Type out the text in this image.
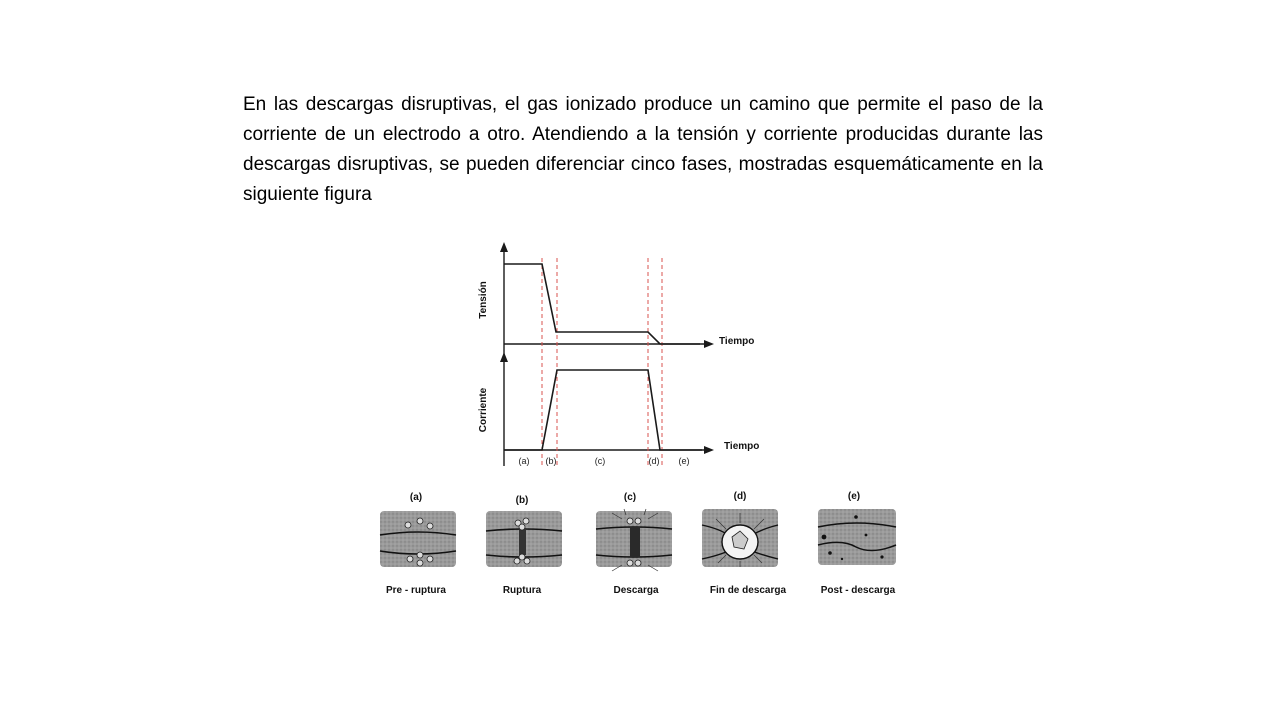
En las descargas disruptivas, el gas ionizado produce un camino que permite el paso de la corriente de un electrodo a otro. Atendiendo a la tensión y corriente producidas durante las descargas disruptivas, se pueden diferenciar cinco fases, mostradas esquemáticamente en la siguiente figura

Tensión
Corriente
Tiempo
Tiempo
(a) (b)	(c)	(d) (e)
(a)
Pre - ruptura
(b)
Ruptura
(c)
Descarga
(d)
Fin de descarga
(e)
Post - descarga
